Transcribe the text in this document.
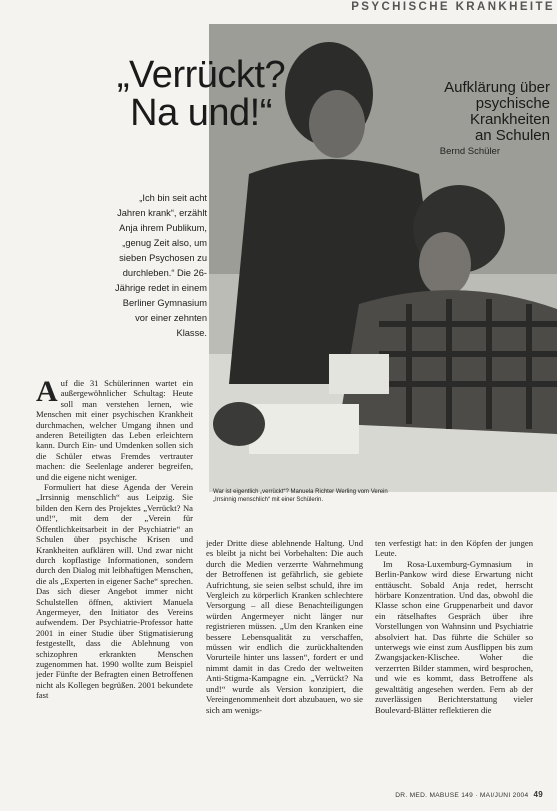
PSYCHISCHE KRANKHEITE
„Verrückt?
Na und!“
Aufklärung über
psychische
Krankheiten
an Schulen
Bernd Schüler
„Ich bin seit acht Jahren krank“, erzählt Anja ihrem Publikum, „genug Zeit also, um sieben Psychosen zu durchleben.“ Die 26-Jährige redet in einem Berliner Gymnasium vor einer zehnten Klasse.
War ist eigentlich „verrückt“? Manuela Richter Werling vom Verein „Irrsinnig menschlich“ mit einer Schülerin.

Auf die 31 Schülerinnen wartet ein außergewöhnlicher Schultag: Heute soll man verstehen lernen, wie Menschen mit einer psychischen Krankheit durchmachen, welcher Umgang ihnen und anderen Beteiligten das Leben erleichtern kann. Durch Ein- und Umdenken sollen sich die Schüler etwas Fremdes vertrauter machen: die Seelenlage anderer begreifen, und die eigene nicht weniger.

Formuliert hat diese Agenda der Verein „Irrsinnig menschlich“ aus Leipzig. Sie bilden den Kern des Projektes „Verrückt? Na und!“, mit dem der „Verein für Öffentlichkeitsarbeit in der Psychiatrie“ an Schulen über psychische Krisen und Krankheiten aufklären will. Und zwar nicht durch kopflastige Informationen, sondern durch den Dialog mit leibhaftigen Menschen, die als „Experten in eigener Sache“ sprechen. Das sich dieser Angebot immer nicht Schulstellen öffnen, aktiviert Manuela Angermeyer, den Initiator des Vereins aufwendem. Der Psychiatrie-Professor hatte 2001 in einer Studie über Stigmatisierung festgestellt, dass die Ablehnung von schizophren erkrankten Menschen zugenommen hat. 1990 wollte zum Beispiel jeder Fünfte der Befragten einen Betroffenen nicht als Kollegen begrüßen. 2001 bekundete fast

jeder Dritte diese ablehnende Haltung. Und es bleibt ja nicht bei Vorbehalten: Die auch durch die Medien verzerrte Wahrnehmung der Betroffenen ist gefährlich, sie gebiete Aufrichtung, sie seien selbst schuld, ihre im Vergleich zu körperlich Kranken schlechtere Versorgung – all diese Benachteiligungen würden Angermeyer nicht länger nur registrieren müssen. „Um den Kranken eine bessere Lebensqualität zu verschaffen, müssen wir endlich die zurückhaltenden Vorurteile hinter uns lassen“, fordert er und nimmt damit in das Credo der weltweiten Anti-Stigma-Kampagne ein. „Verrückt? Na und!“ wurde als Version konzipiert, die Vereingenommenheit dort abzubauen, wo sie sich am wenigs-

ten verfestigt hat: in den Köpfen der jungen Leute.

Im Rosa-Luxemburg-Gymnasium in Berlin-Pankow wird diese Erwartung nicht enttäuscht. Sobald Anja redet, herrscht hörbare Konzentration. Und das, obwohl die Klasse schon eine Gruppenarbeit und davor ein rätselhaftes Gespräch über ihre Vorstellungen von Wahnsinn und Psychiatrie absolviert hat. Das führte die Schüler so unterwegs wie einst zum Ausflippen bis zum Zwangsjacken-Klischee. Woher die verzerrten Bilder stammen, wird besprochen, und wie es kommt, dass Betroffene als gewalttätig angesehen werden. Fern ab der zuverlässigen Berichterstattung vieler Boulevard-Blätter reflektieren die

DR. MED. MABUSE 149 · MAI/JUNI 2004 49
